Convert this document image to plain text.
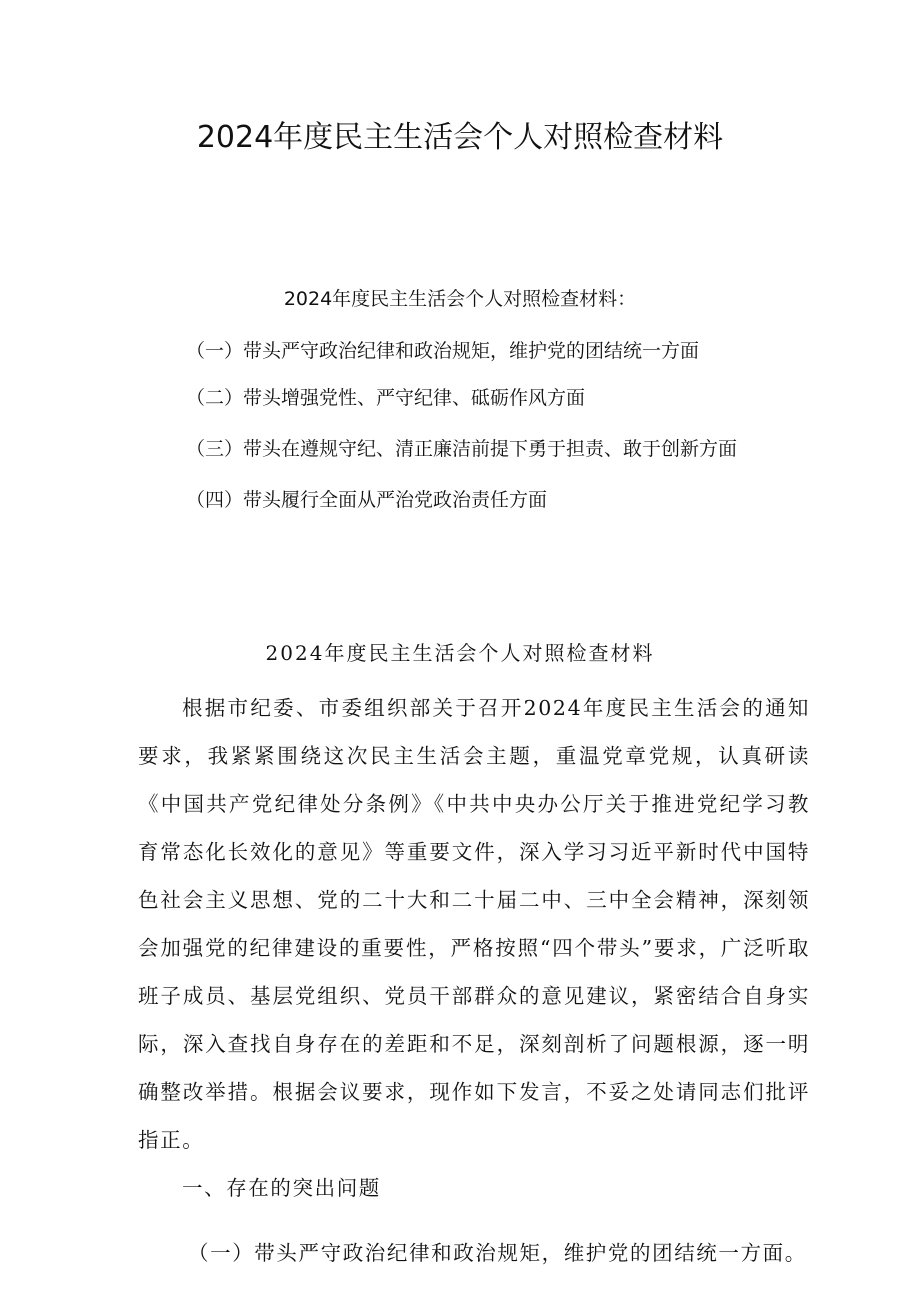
2024年度民主生活会个人对照检查材料
2024年度民主生活会个人对照检查材料：
（一）带头严守政治纪律和政治规矩，维护党的团结统一方面
（二）带头增强党性、严守纪律、砥砺作风方面
（三）带头在遵规守纪、清正廉洁前提下勇于担责、敢于创新方面
（四）带头履行全面从严治党政治责任方面
2024年度民主生活会个人对照检查材料

根据市纪委、市委组织部关于召开2024年度民主生活会的通知要求，我紧紧围绕这次民主生活会主题，重温党章党规，认真研读《中国共产党纪律处分条例》《中共中央办公厅关于推进党纪学习教育常态化长效化的意见》等重要文件，深入学习习近平新时代中国特色社会主义思想、党的二十大和二十届二中、三中全会精神，深刻领会加强党的纪律建设的重要性，严格按照“四个带头”要求，广泛听取班子成员、基层党组织、党员干部群众的意见建议，紧密结合自身实际，深入查找自身存在的差距和不足，深刻剖析了问题根源，逐一明确整改举措。根据会议要求，现作如下发言，不妥之处请同志们批评指正。

一、存在的突出问题
（一）带头严守政治纪律和政治规矩，维护党的团结统一方面。
